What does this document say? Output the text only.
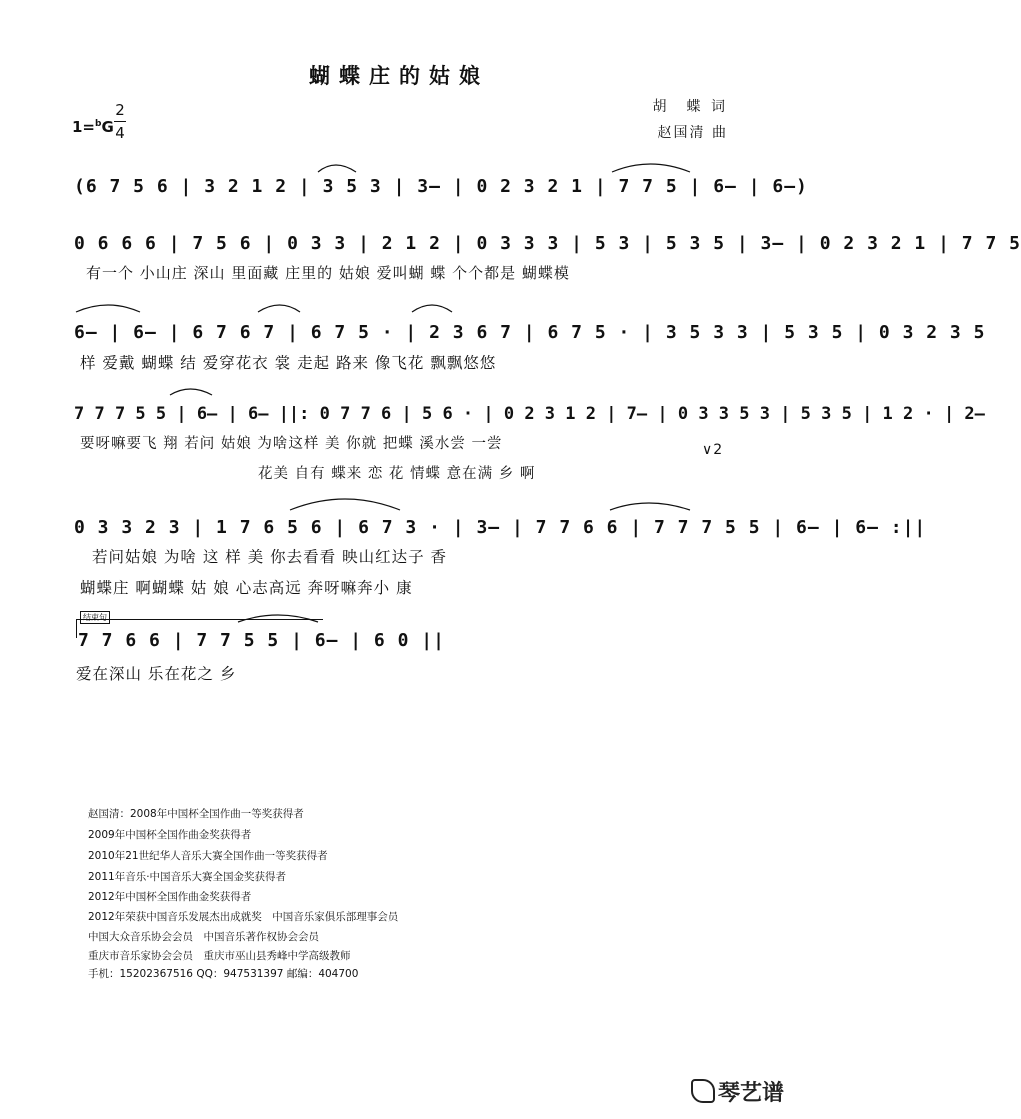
蝴蝶庄的姑娘
1=$^b$G
2
4
胡　蝶 词
赵国清 曲
(6 7 5 6 | 3 2 1 2 | 3 5 3 | 3— | 0 2 3 2 1 | 7 7 5 | 6— | 6—)
0 6 6 6 | 7 5 6 | 0 3 3 | 2 1 2 | 0 3 3 3 | 5 3 | 5 3 5 | 3— | 0 2 3 2 1 | 7 7 5
有一个 小山庄 深山 里面藏 庄里的 姑娘 爱叫蝴 蝶 个个都是 蝴蝶模
6— | 6— | 6 7 6 7 | 6 7 5 · | 2 3 6 7 | 6 7 5 · | 3 5 3 3 | 5 3 5 | 0 3 2 3 5
样 爱戴 蝴蝶 结 爱穿花衣 裳 走起 路来 像飞花 飘飘悠悠
7 7 7 5 5 | 6— | 6— ||: 0 7 7 6 | 5 6 · | 0 2 3 1 2 | 7— | 0 3 3 5 3 | 5 3 5 | 1 2 · | 2—
要呀嘛要飞 翔 若问 姑娘 为啥这样 美 你就 把蝶 溪水尝 一尝
花美 自有 蝶来 恋 花 情蝶 意在满 乡 啊
∨2
0 3 3 2 3 | 1 7 6 5 6 | 6 7 3 · | 3— | 7 7 6 6 | 7 7 7 5 5 | 6— | 6— :||
若问姑娘 为啥 这 样 美 你去看看 映山红达子 香
蝴蝶庄 啊蝴蝶 姑 娘 心志高远 奔呀嘛奔小 康
结束句
7 7 6 6 | 7 7 5 5 | 6— | 6 0 ||
爱在深山 乐在花之 乡
赵国清：2008年中国杯全国作曲一等奖获得者
2009年中国杯全国作曲金奖获得者
2010年21世纪华人音乐大赛全国作曲一等奖获得者
2011年音乐·中国音乐大赛全国金奖获得者
2012年中国杯全国作曲金奖获得者
2012年荣获中国音乐发展杰出成就奖　中国音乐家俱乐部理事会员
中国大众音乐协会会员　中国音乐著作权协会会员
重庆市音乐家协会会员　重庆市巫山县秀峰中学高级教师
手机：15202367516 QQ：947531397 邮编：404700
琴艺谱
